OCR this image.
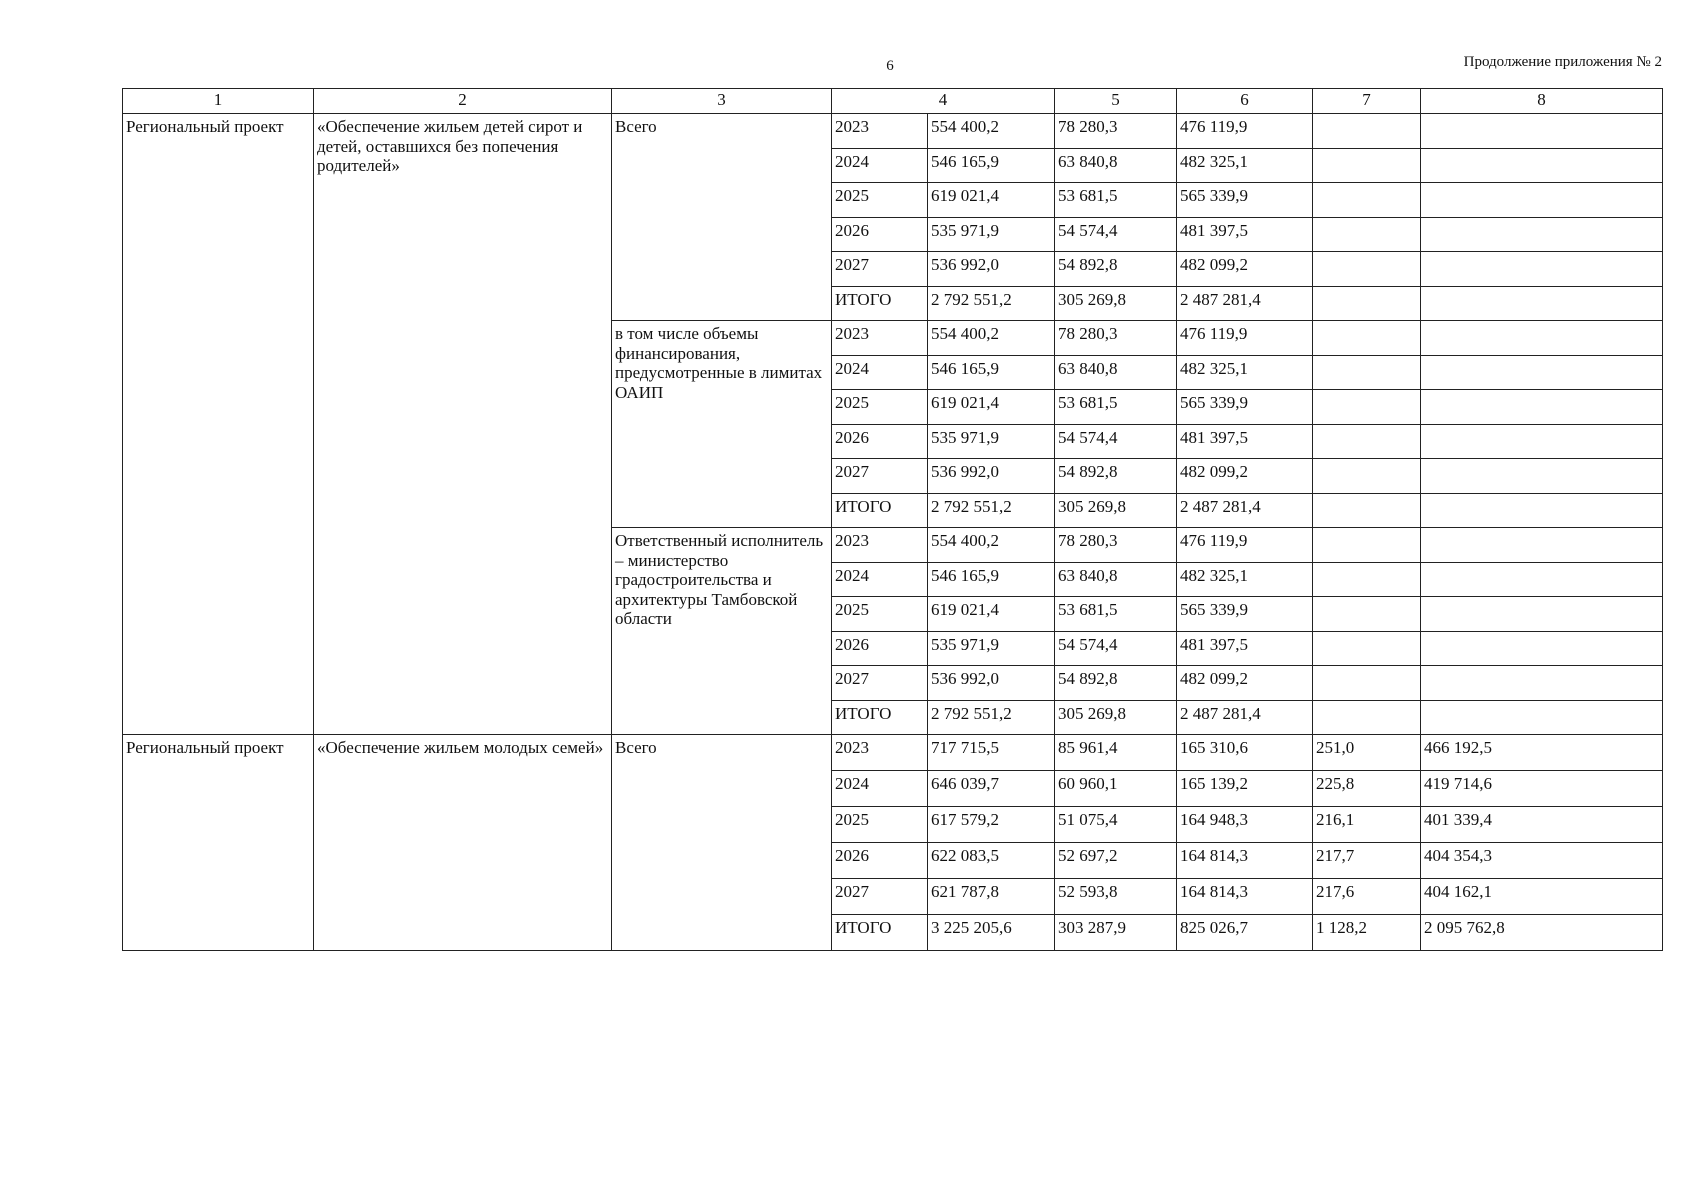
6	Продолжение приложения № 2
1	2	3	4		5	6	7	8
Региональный проект	«Обеспечение жильем детей сирот и детей, оставшихся без попечения родителей»	Всего	2023	554 400,2	78 280,3	476 119,9		
			2024	546 165,9	63 840,8	482 325,1		
			2025	619 021,4	53 681,5	565 339,9		
			2026	535 971,9	54 574,4	481 397,5		
			2027	536 992,0	54 892,8	482 099,2		
			ИТОГО	2 792 551,2	305 269,8	2 487 281,4		
		в том числе объемы финансирования, предусмотренные в лимитах ОАИП	2023	554 400,2	78 280,3	476 119,9		
			2024	546 165,9	63 840,8	482 325,1		
			2025	619 021,4	53 681,5	565 339,9		
			2026	535 971,9	54 574,4	481 397,5		
			2027	536 992,0	54 892,8	482 099,2		
			ИТОГО	2 792 551,2	305 269,8	2 487 281,4		
		Ответственный исполнитель – министерство градостроительства и архитектуры Тамбовской области	2023	554 400,2	78 280,3	476 119,9		
			2024	546 165,9	63 840,8	482 325,1		
			2025	619 021,4	53 681,5	565 339,9		
			2026	535 971,9	54 574,4	481 397,5		
			2027	536 992,0	54 892,8	482 099,2		
			ИТОГО	2 792 551,2	305 269,8	2 487 281,4		
Региональный проект	«Обеспечение жильем молодых семей»	Всего	2023	717 715,5	85 961,4	165 310,6	251,0	466 192,5
			2024	646 039,7	60 960,1	165 139,2	225,8	419 714,6
			2025	617 579,2	51 075,4	164 948,3	216,1	401 339,4
			2026	622 083,5	52 697,2	164 814,3	217,7	404 354,3
			2027	621 787,8	52 593,8	164 814,3	217,6	404 162,1
			ИТОГО	3 225 205,6	303 287,9	825 026,7	1 128,2	2 095 762,8
